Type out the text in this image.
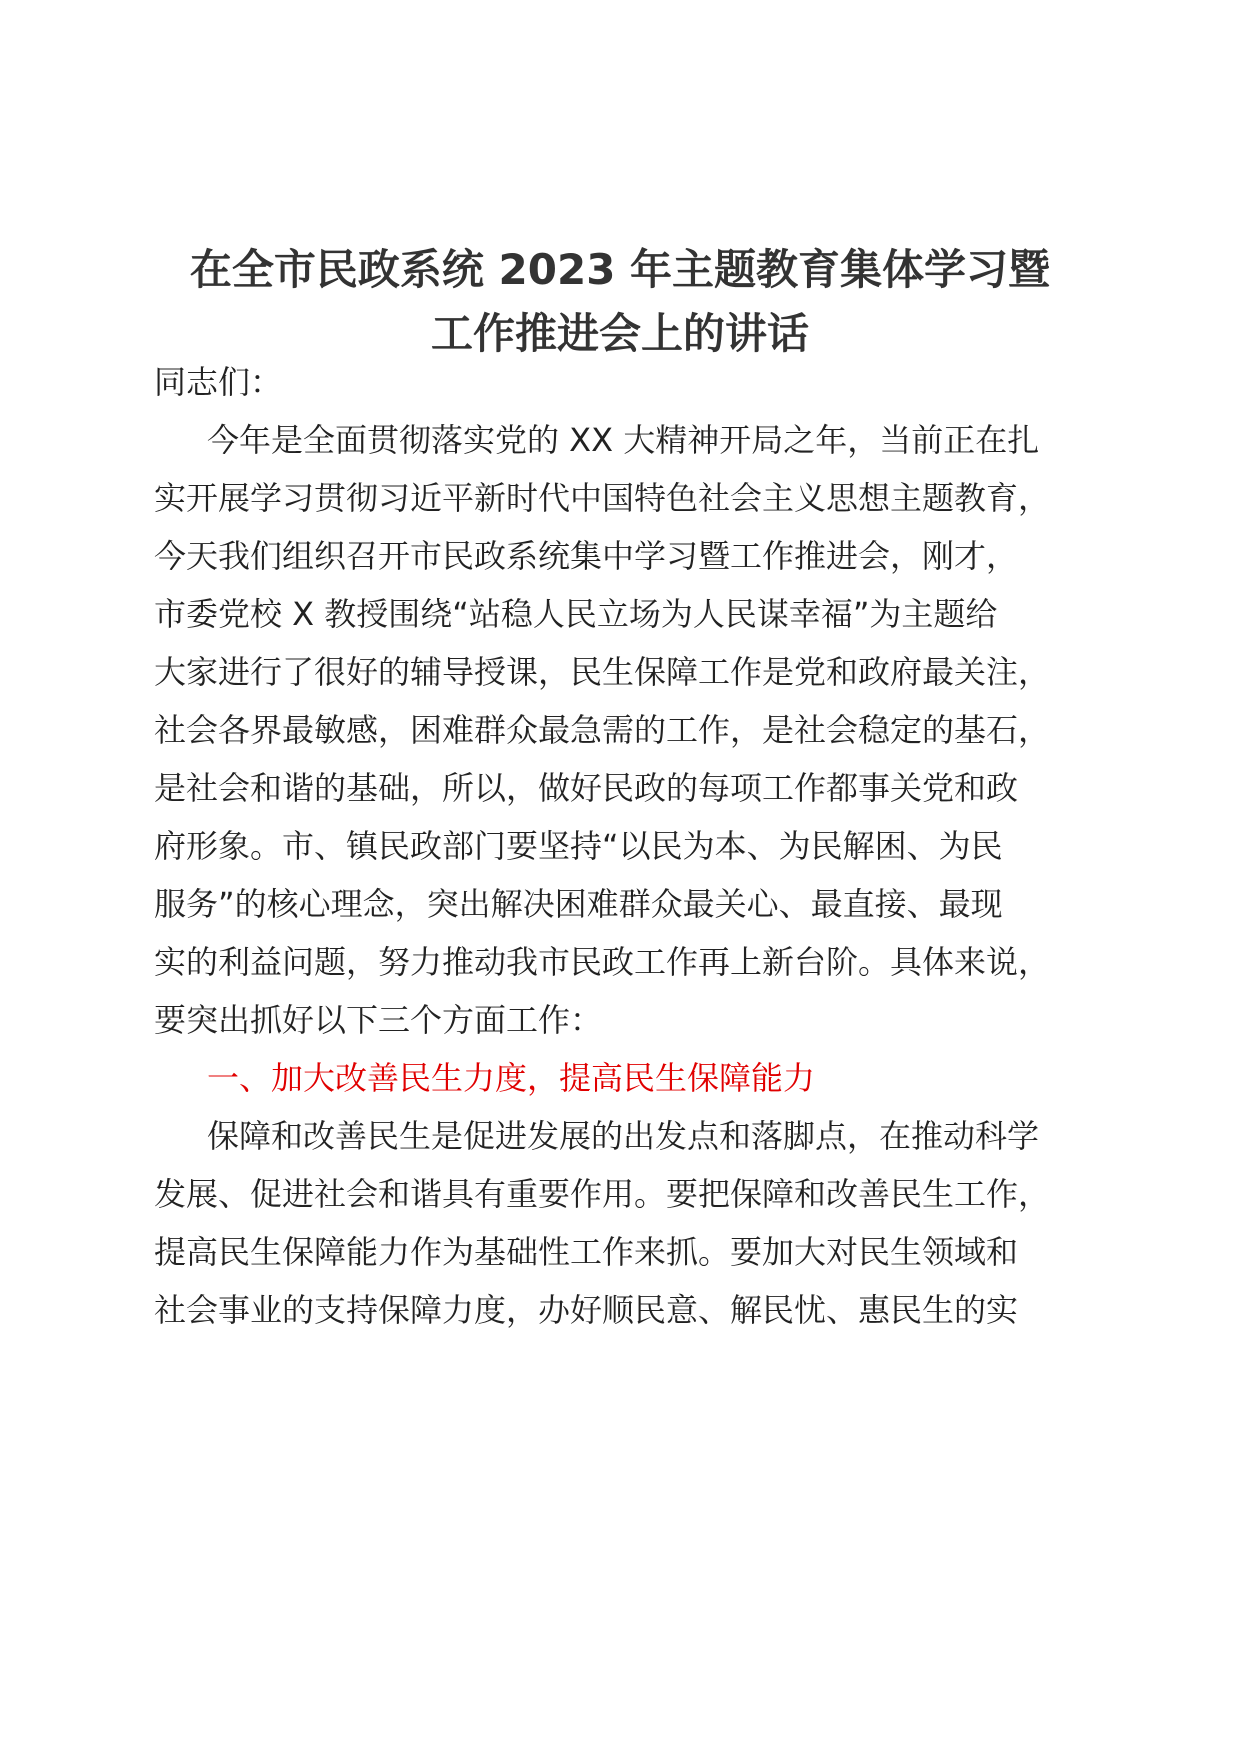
在全市民政系统 2023 年主题教育集体学习暨
工作推进会上的讲话

同志们：

今年是全面贯彻落实党的 XX 大精神开局之年，当前正在扎

实开展学习贯彻习近平新时代中国特色社会主义思想主题教育，

今天我们组织召开市民政系统集中学习暨工作推进会，刚才，

市委党校 X 教授围绕“站稳人民立场为人民谋幸福”为主题给

大家进行了很好的辅导授课，民生保障工作是党和政府最关注，

社会各界最敏感，困难群众最急需的工作，是社会稳定的基石，

是社会和谐的基础，所以，做好民政的每项工作都事关党和政

府形象。市、镇民政部门要坚持“以民为本、为民解困、为民

服务”的核心理念，突出解决困难群众最关心、最直接、最现

实的利益问题，努力推动我市民政工作再上新台阶。具体来说，

要突出抓好以下三个方面工作：

一、加大改善民生力度，提高民生保障能力

保障和改善民生是促进发展的出发点和落脚点，在推动科学

发展、促进社会和谐具有重要作用。要把保障和改善民生工作，

提高民生保障能力作为基础性工作来抓。要加大对民生领域和

社会事业的支持保障力度，办好顺民意、解民忧、惠民生的实
